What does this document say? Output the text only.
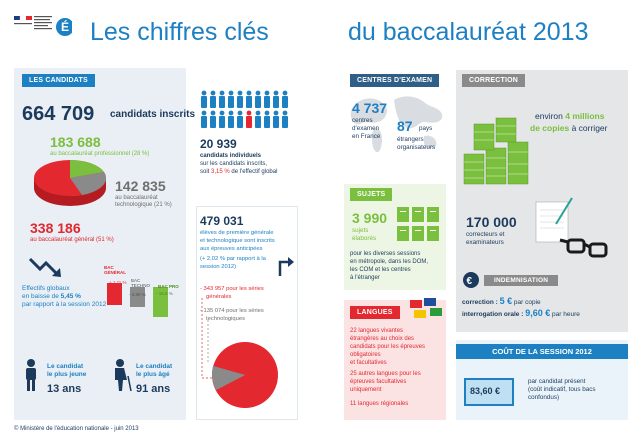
É Les chiffres clés	du baccalauréat 2013
LES CANDIDATS
664 709 candidats inscrits
183 688
au baccalauréat professionnel (28 %)
142 835
au baccalauréat
technologique (21 %)
338 186
au baccalauréat général (51 %)
Effectifs globaux
en baisse de 5,45 %
par rapport à la session 2012
BAC GÉNÉRAL
+ 1,11 % BAC TECHNO
- 3,89 %
BAC PRO
- 16,5 %
Le candidat
le plus jeune
13 ans
Le candidat
le plus âgé
91 ans
20 939
candidats individuels
sur les candidats inscrits,
soit 3,15 % de l'effectif global
479 031
élèves de première générale
et technologique sont inscrits
aux épreuves anticipées
(+ 2,02 % par rapport à la
session 2012)
- 343 957 pour les séries
générales
- 135 074 pour les séries
technologiques
CENTRES D'EXAMEN
4 737
centres
d'examen
en France
87 pays
étrangers
organisateurs
SUJETS
3 990
sujets
élaborés
pour les diverses sessions
en métropole, dans les DOM,
les COM et les centres
à l'étranger
LANGUES
22 langues vivantes
étrangères au choix des
candidats pour les épreuves
obligatoires
et facultatives
25 autres langues pour les
épreuves facultatives
uniquement
11 langues régionales
CORRECTION
environ 4 millions
de copies à corriger
170 000
correcteurs et
examinateurs
€	INDEMNISATION
correction : 5 € par copie
interrogation orale : 9,60 € par heure
COÛT DE LA SESSION 2012
83,60 €
par candidat présent
(coût indicatif, tous bacs
confondus)
© Ministère de l'éducation nationale - juin 2013
